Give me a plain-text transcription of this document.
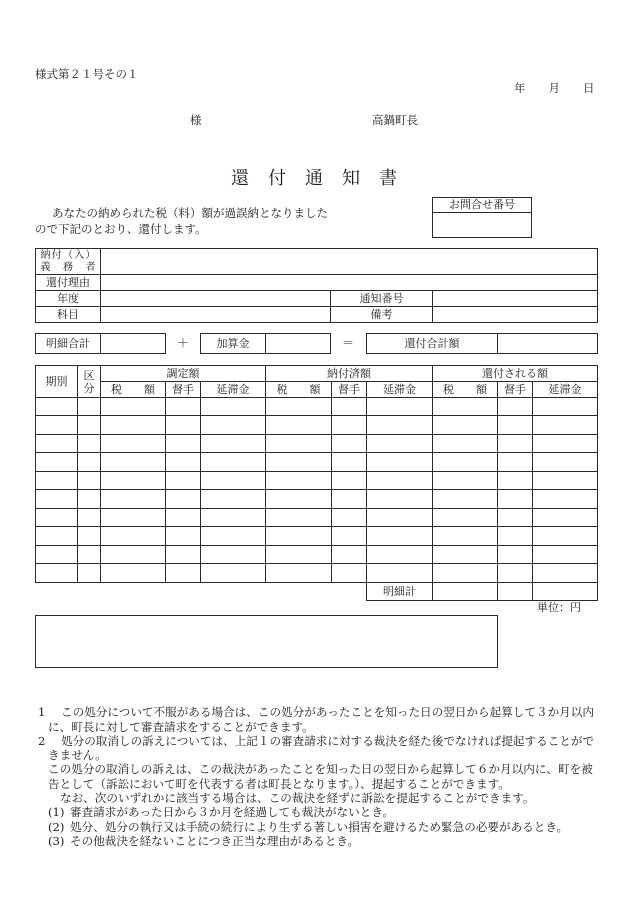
様式第２１号その１
年　　月　　日
様	高鍋町長
還付通知書
お問合せ番号
あなたの納められた税（料）額が過誤納となりました
ので下記のとおり、還付します。
納付（入）
義務者
還付理由
年度	通知番号
科目	備考
明細合計	＋	加算金	＝	還付合計額
期別	区
分
調定額	納付済額	還付される額
税額	督手	延滞金	税額	督手	延滞金	税額	督手	延滞金
明細計
単位：円
1 この処分について不服がある場合は、この処分があったことを知った日の翌日から起算して３か月以内
に、町長に対して審査請求をすることができます。
2 処分の取消しの訴えについては、上記１の審査請求に対する裁決を経た後でなければ提起することがで
きません。
この処分の取消しの訴えは、この裁決があったことを知った日の翌日から起算して６か月以内に、町を被
告として（訴訟において町を代表する者は町長となります。）、提起することができます。
なお、次のいずれかに該当する場合は、この裁決を経ずに訴訟を提起することができます。
(1) 審査請求があった日から３か月を経過しても裁決がないとき。
(2) 処分、処分の執行又は手続の続行により生ずる著しい損害を避けるため緊急の必要があるとき。
(3) その他裁決を経ないことにつき正当な理由があるとき。
